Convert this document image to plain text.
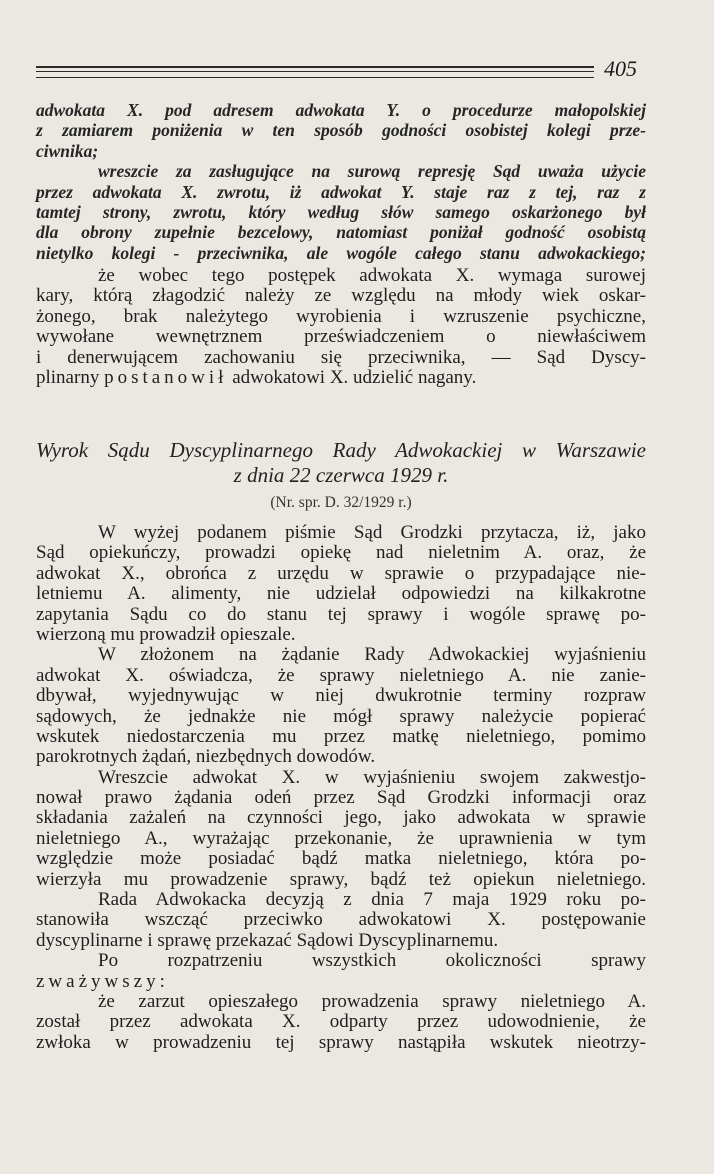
405
adwokata X. pod adresem adwokata Y. o procedurze małopolskiej
z zamiarem poniżenia w ten sposób godności osobistej kolegi prze-
ciwnika;
wreszcie za zasługujące na surową represję Sąd uważa użycie
przez adwokata X. zwrotu, iż adwokat Y. staje raz z tej, raz z
tamtej strony, zwrotu, który według słów samego oskarżonego był
dla obrony zupełnie bezcelowy, natomiast poniżał godność osobistą
nietylko kolegi - przeciwnika, ale wogóle całego stanu adwokackiego;
że wobec tego postępek adwokata X. wymaga surowej
kary, którą złagodzić należy ze względu na młody wiek oskar-
żonego, brak należytego wyrobienia i wzruszenie psychiczne,
wywołane wewnętrznem przeświadczeniem o niewłaściwem
i denerwującem zachowaniu się przeciwnika, — Sąd Dyscy-
plinarny postanowił adwokatowi X. udzielić nagany.
Wyrok Sądu Dyscyplinarnego Rady Adwokackiej w Warszawie
z dnia 22 czerwca 1929 r.
(Nr. spr. D. 32/1929 r.)
W wyżej podanem piśmie Sąd Grodzki przytacza, iż, jako
Sąd opiekuńczy, prowadzi opiekę nad nieletnim A. oraz, że
adwokat X., obrońca z urzędu w sprawie o przypadające nie-
letniemu A. alimenty, nie udzielał odpowiedzi na kilkakrotne
zapytania Sądu co do stanu tej sprawy i wogóle sprawę po-
wierzoną mu prowadził opieszale.
W złożonem na żądanie Rady Adwokackiej wyjaśnieniu
adwokat X. oświadcza, że sprawy nieletniego A. nie zanie-
dbywał, wyjednywując w niej dwukrotnie terminy rozpraw
sądowych, że jednakże nie mógł sprawy należycie popierać
wskutek niedostarczenia mu przez matkę nieletniego, pomimo
parokrotnych żądań, niezbędnych dowodów.
Wreszcie adwokat X. w wyjaśnieniu swojem zakwestjo-
nował prawo żądania odeń przez Sąd Grodzki informacji oraz
składania zażaleń na czynności jego, jako adwokata w sprawie
nieletniego A., wyrażając przekonanie, że uprawnienia w tym
względzie może posiadać bądź matka nieletniego, która po-
wierzyła mu prowadzenie sprawy, bądź też opiekun nieletniego.
Rada Adwokacka decyzją z dnia 7 maja 1929 roku po-
stanowiła wszcząć przeciwko adwokatowi X. postępowanie
dyscyplinarne i sprawę przekazać Sądowi Dyscyplinarnemu.
Po rozpatrzeniu wszystkich okoliczności sprawy
zważywszy:
że zarzut opieszałego prowadzenia sprawy nieletniego A.
został przez adwokata X. odparty przez udowodnienie, że
zwłoka w prowadzeniu tej sprawy nastąpiła wskutek nieotrzy-
